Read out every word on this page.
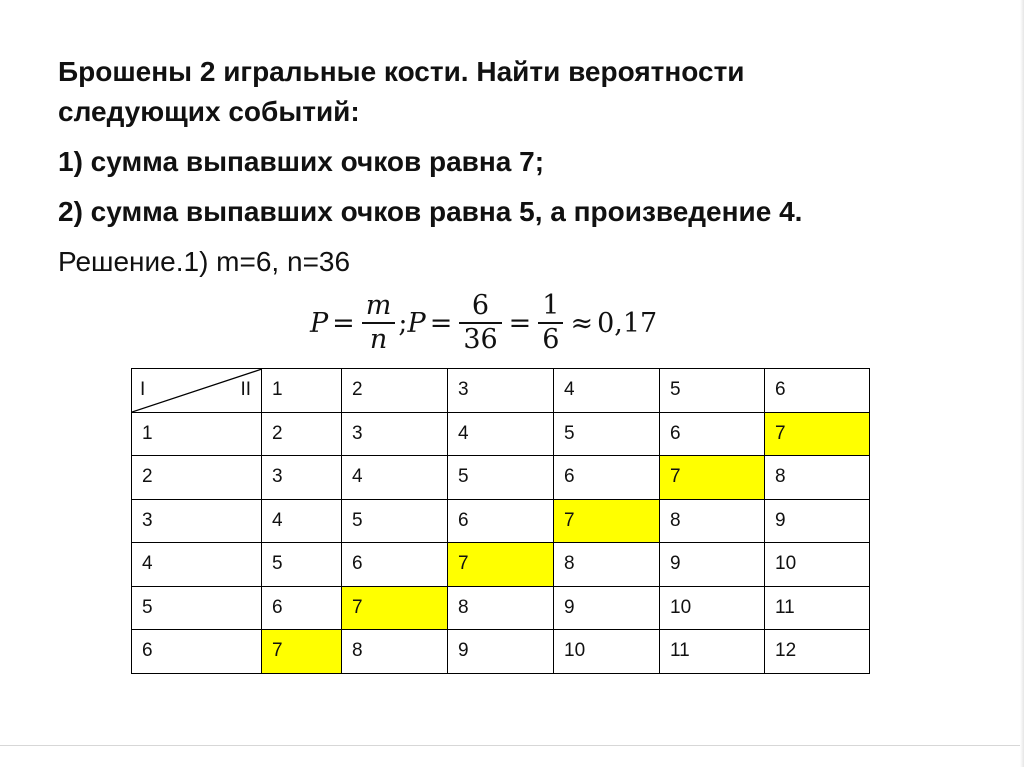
Брошены 2 игральные кости. Найти вероятности
следующих событий:
1) сумма выпавших очков равна 7;
2) сумма выпавших очков равна 5, а произведение 4.
Решение.1) m=6, n=36
$P = \frac{m}{n}$ ; $P = \frac{6}{36} = \frac{1}{6} \approx 0,17$
I II	1	2	3	4	5	6
1	2	3	4	5	6	7
2	3	4	5	6	7	8
3	4	5	6	7	8	9
4	5	6	7	8	9	10
5	6	7	8	9	10	11
6	7	8	9	10	11	12
